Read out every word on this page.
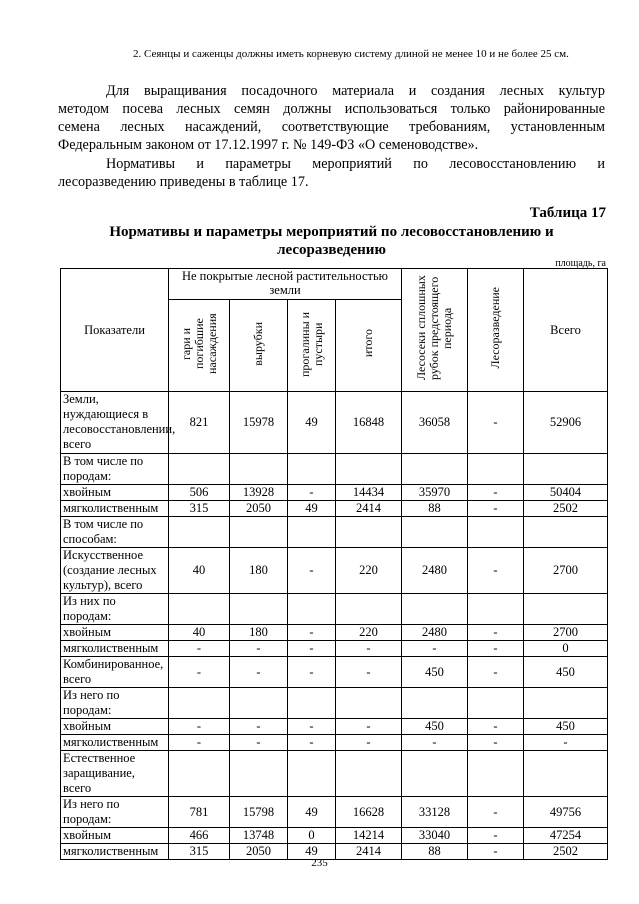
2. Сеянцы и саженцы должны иметь корневую систему длиной не менее 10 и не более 25 см.
Для выращивания посадочного материала и создания лесных культур
методом посева лесных семян должны использоваться только районированные
семена лесных насаждений, соответствующие требованиям, установленным
Федеральным законом от 17.12.1997 г. № 149-ФЗ «О семеноводстве».
Нормативы и параметры мероприятий по лесовосстановлению и
лесоразведению приведены в таблице 17.
Таблица 17
Нормативы и параметры мероприятий по лесовосстановлению и лесоразведению
площадь, га
Показатели	Не покрытые лесной растительностью земли				Лесосеки сплошных рубок предстоящего периода	Лесоразведение	Всего
	гари и погибшие насаждения	вырубки	прогалины и пустыри	итого			
Земли, нуждающиеся в лесовосстановлении, всего	821	15978	49	16848	36058	-	52906
В том числе по породам:							
хвойным	506	13928	-	14434	35970	-	50404
мягколиственным	315	2050	49	2414	88	-	2502
В том числе по способам:							
Искусственное (создание лесных культур), всего	40	180	-	220	2480	-	2700
Из них по породам:							
хвойным	40	180	-	220	2480	-	2700
мягколиственным	-	-	-	-	-	-	0
Комбинированное, всего	-	-	-	-	450	-	450
Из него по породам:							
хвойным	-	-	-	-	450	-	450
мягколиственным	-	-	-	-	-	-	-
Естественное заращивание, всего							
Из него по породам:	781	15798	49	16628	33128	-	49756
хвойным	466	13748	0	14214	33040	-	47254
мягколиственным	315	2050	49	2414	88	-	2502
235
